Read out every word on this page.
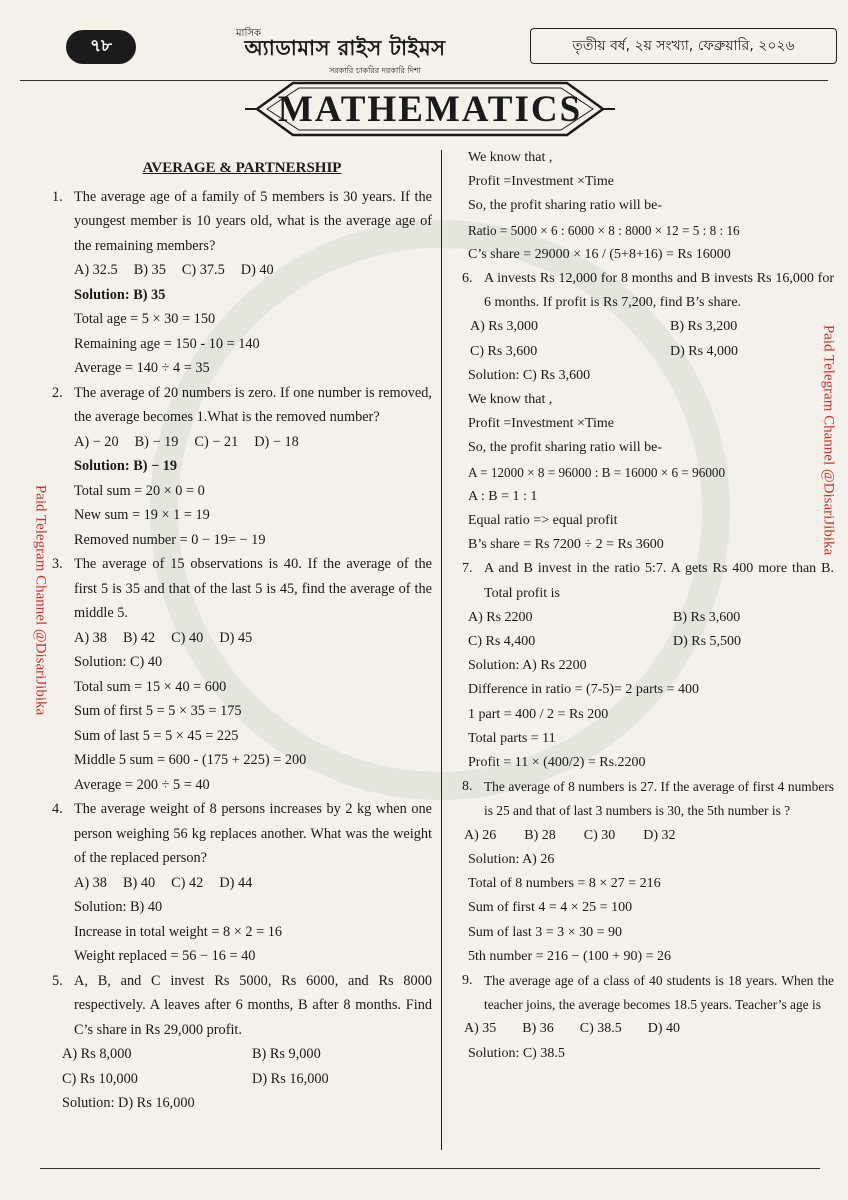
৭৮
মাসিক
অ্যাডামাস রাইস টাইমস
সরকারি চাকরির দরকারি দিশা
তৃতীয় বর্ষ, ২য় সংখ্যা, ফেব্রুয়ারি, ২০২৬
MATHEMATICS
AVERAGE & PARTNERSHIP
1. The average age of a family of 5 members is 30 years. If the youngest member is 10 years old, what is the average age of the remaining members?
A) 32.5 B) 35 C) 37.5 D) 40
Solution: B) 35
Total age = 5 × 30 = 150
Remaining age = 150 - 10 = 140
Average = 140 ÷ 4 = 35
2. The average of 20 numbers is zero. If one number is removed, the average becomes 1.What is the removed number?
A) − 20 B) − 19 C) − 21 D) − 18
Solution: B) − 19
Total sum = 20 × 0 = 0
New sum = 19 × 1 = 19
Removed number = 0 − 19= − 19
3. The average of 15 observations is 40. If the average of the first 5 is 35 and that of the last 5 is 45, find the average of the middle 5.
A) 38 B) 42 C) 40 D) 45
Solution: C) 40
Total sum = 15 × 40 = 600
Sum of first 5 = 5 × 35 = 175
Sum of last 5 = 5 × 45 = 225
Middle 5 sum = 600 - (175 + 225) = 200
Average = 200 ÷ 5 = 40
4. The average weight of 8 persons increases by 2 kg when one person weighing 56 kg replaces another. What was the weight of the replaced person?
A) 38 B) 40 C) 42 D) 44
Solution: B) 40
Increase in total weight = 8 × 2 = 16
Weight replaced = 56 − 16 = 40
5. A, B, and C invest Rs 5000, Rs 6000, and Rs 8000 respectively. A leaves after 6 months, B after 8 months. Find C’s share in Rs 29,000 profit.
A) Rs 8,000	B) Rs 9,000
C) Rs 10,000	D) Rs 16,000
Solution: D) Rs 16,000
We know that ,
Profit =Investment ×Time
So, the profit sharing ratio will be-
Ratio = 5000 × 6 : 6000 × 8 : 8000 × 12 = 5 : 8 : 16
C’s share = 29000 × 16 / (5+8+16) = Rs 16000
6. A invests Rs 12,000 for 8 months and B invests Rs 16,000 for 6 months. If profit is Rs 7,200, find B’s share.
A) Rs 3,000	B) Rs 3,200
C) Rs 3,600	D) Rs 4,000
Solution: C) Rs 3,600
We know that ,
Profit =Investment ×Time
So, the profit sharing ratio will be-
A = 12000 × 8 = 96000 : B = 16000 × 6 = 96000
A : B = 1 : 1
Equal ratio => equal profit
B’s share = Rs 7200 ÷ 2 = Rs 3600
7. A and B invest in the ratio 5:7. A gets Rs 400 more than B. Total profit is
A) Rs 2200	B) Rs 3,600
C) Rs 4,400	D) Rs 5,500
Solution: A) Rs 2200
Difference in ratio = (7-5)= 2 parts = 400
1 part = 400 / 2 = Rs 200
Total parts = 11
Profit = 11 × (400/2) = Rs.2200
8. The average of 8 numbers is 27. If the average of first 4 numbers is 25 and that of last 3 numbers is 30, the 5th number is ?
A) 26 B) 28 C) 30 D) 32
Solution: A) 26
Total of 8 numbers = 8 × 27 = 216
Sum of first 4 = 4 × 25 = 100
Sum of last 3 = 3 × 30 = 90
5th number = 216 − (100 + 90) = 26
9. The average age of a class of 40 students is 18 years. When the teacher joins, the average becomes 18.5 years. Teacher’s age is
A) 35 B) 36 C) 38.5 D) 40
Solution: C) 38.5
Paid Telegram Channel @DisariJibika
Paid Telegram Channel @DisariJibika
